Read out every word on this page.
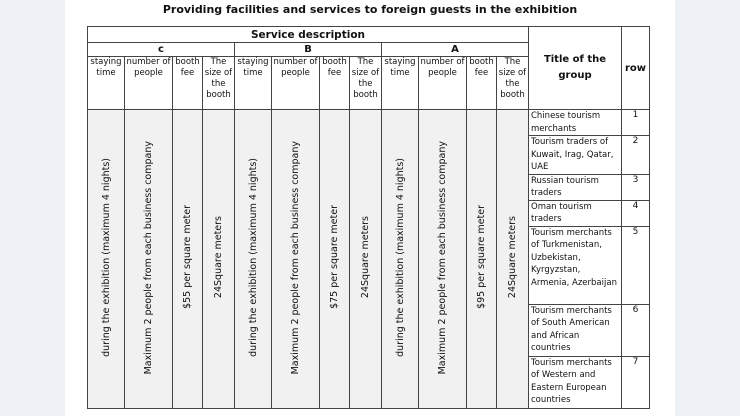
Providing facilities and services to foreign guests in the exhibition
Service description												Title of the group	row
c				B				A					
staying time	number of people	booth fee	The size of the booth	staying time	number of people	booth fee	The size of the booth	staying time	number of people	booth fee	The size of the booth		
during the exhibition (maximum 4 nights)	Maximum 2 people from each business company	$55 per square meter	24Square meters	during the exhibition (maximum 4 nights)	Maximum 2 people from each business company	$75 per square meter	24Square meters	during the exhibition (maximum 4 nights)	Maximum 2 people from each business company	$95 per square meter	24Square meters	Chinese tourism merchants	1
												Tourism traders of Kuwait, Irag, Qatar, UAE	2
												Russian tourism traders	3
												Oman tourism traders	4
												Tourism merchants of Turkmenistan, Uzbekistan, Kyrgyzstan, Armenia, Azerbaijan	5
												Tourism merchants of South American and African countries	6
												Tourism merchants of Western and Eastern European countries	7
